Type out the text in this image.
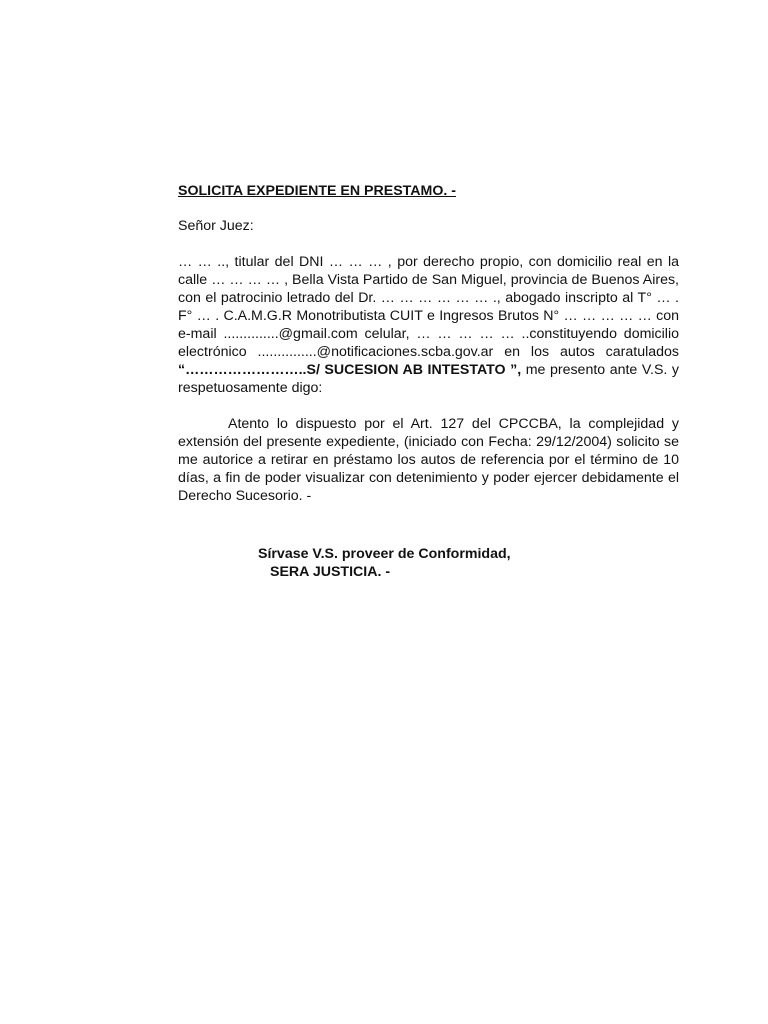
SOLICITA EXPEDIENTE EN PRESTAMO. -
Señor Juez:

… … .., titular del DNI … … … , por derecho propio, con domicilio real en la calle … … … … , Bella Vista Partido de San Miguel, provincia de Buenos Aires, con el patrocinio letrado del Dr. … … … … … … ., abogado inscripto al T° … . F° … . C.A.M.G.R Monotributista CUIT e Ingresos Brutos N° … … … … … con e-mail ..............@gmail.com celular, … … … … … ..constituyendo domicilio electrónico ...............@notificaciones.scba.gov.ar en los autos caratulados “……………………..S/ SUCESION AB INTESTATO ”, me presento ante V.S. y respetuosamente digo:

Atento lo dispuesto por el Art. 127 del CPCCBA, la complejidad y extensión del presente expediente, (iniciado con Fecha: 29/12/2004) solicito se me autorice a retirar en préstamo los autos de referencia por el término de 10 días, a fin de poder visualizar con detenimiento y poder ejercer debidamente el Derecho Sucesorio. -

Sírvase V.S. proveer de Conformidad,
SERA JUSTICIA. -
